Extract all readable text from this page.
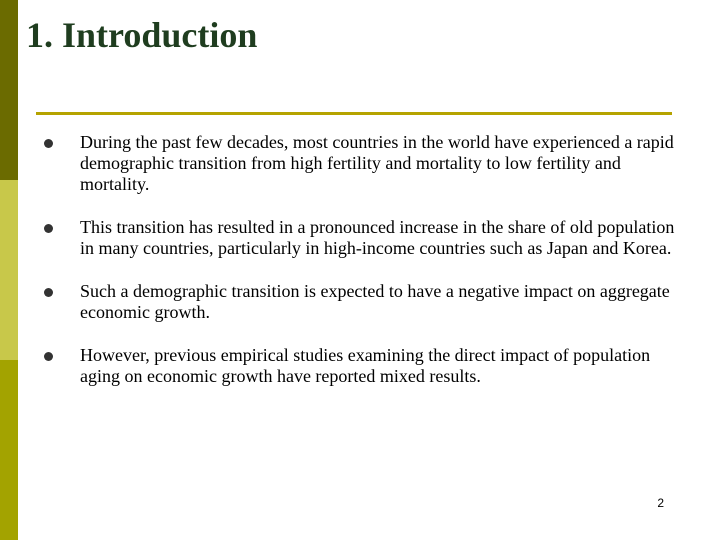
1. Introduction
During the past few decades, most countries in the world have experienced a rapid demographic transition from high fertility and mortality to low fertility and mortality.
This transition has resulted in a pronounced increase in the share of old population in many countries, particularly in high-income countries such as Japan and Korea.
Such a demographic transition is expected to have a negative impact on aggregate economic growth.
However, previous empirical studies examining the direct impact of population aging on economic growth have reported mixed results.
2
